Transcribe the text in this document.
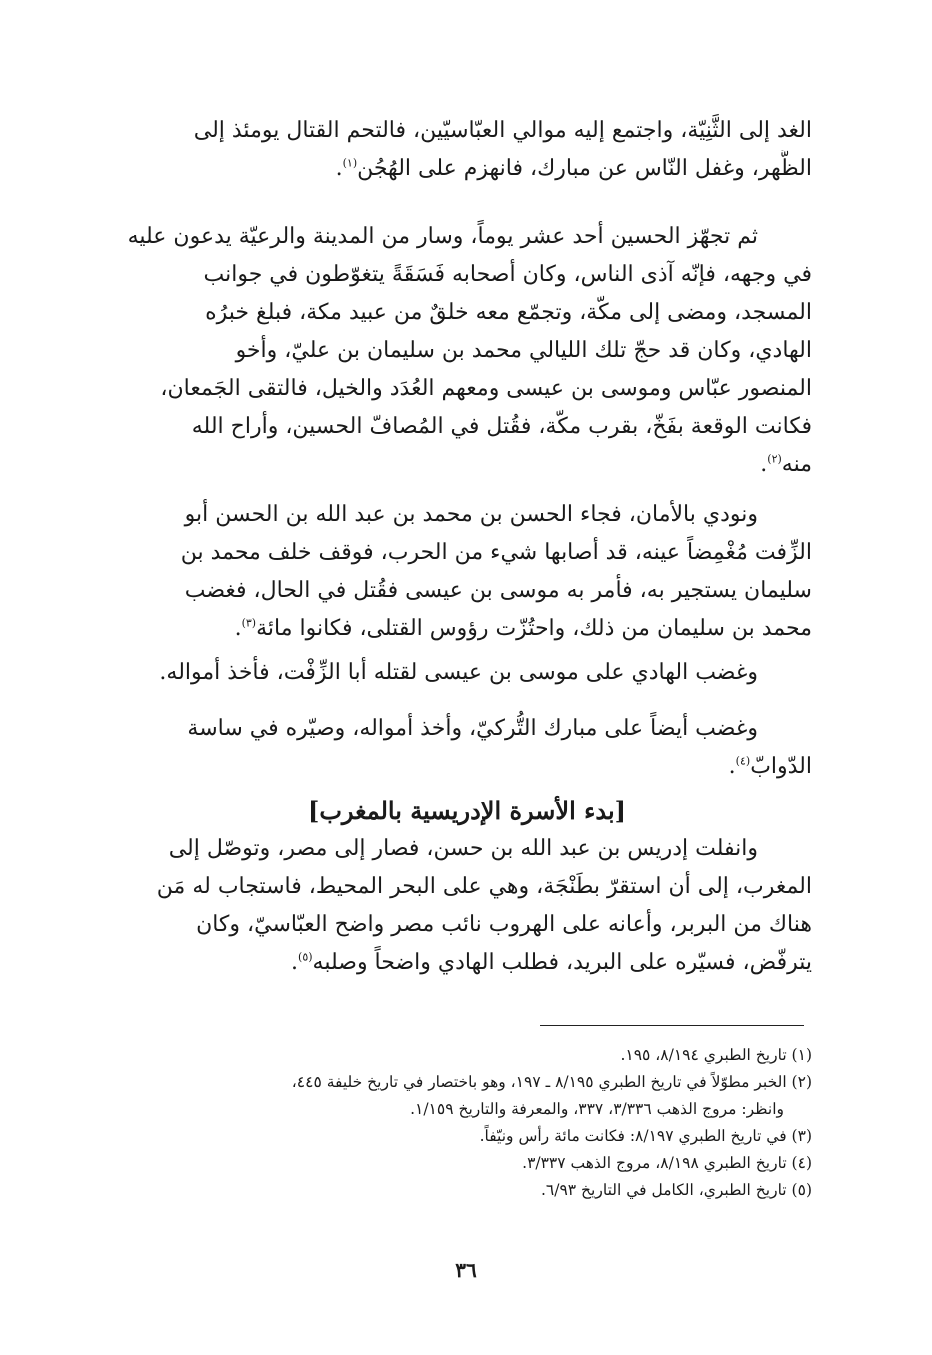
الغد إلى الثَّنِيّة، واجتمع إليه موالي العبّاسيّين، فالتحم القتال يومئذ إلى
الظُّهر، وغفل النّاس عن مبارك، فانهزم على الهُجُن$^{(١)}$.
ثم تجهّز الحسين أحد عشر يوماً، وسار من المدينة والرعيّة يدعون عليه
في وجهه، فإنّه آذى الناس، وكان أصحابه فَسَقَةً يتغوّطون في جوانب
المسجد، ومضى إلى مكّة، وتجمّع معه خلقٌ من عبيد مكة، فبلغ خبرُه
الهادي، وكان قد حجّ تلك الليالي محمد بن سليمان بن عليّ، وأخو
المنصور عبّاس وموسى بن عيسى ومعهم العُدَد والخيل، فالتقى الجَمعان،
فكانت الوقعة بفَخّ، بقرب مكّة، فقُتل في المُصافّ الحسين، وأراح الله
منه$^{(٢)}$.
ونودي بالأمان، فجاء الحسن بن محمد بن عبد الله بن الحسن أبو
الزِّفت مُغْمِضاً عينه، قد أصابها شيء من الحرب، فوقف خلف محمد بن
سليمان يستجير به، فأمر به موسى بن عيسى فقُتل في الحال، فغضب
محمد بن سليمان من ذلك، واحتُزّت رؤوس القتلى، فكانوا مائة$^{(٣)}$.
وغضب الهادي على موسى بن عيسى لقتله أبا الزِّفْت، فأخذ أمواله.
وغضب أيضاً على مبارك التُّركيّ، وأخذ أمواله، وصيّره في ساسة
الدّوابّ$^{(٤)}$.
[بدء الأسرة الإدريسية بالمغرب]
وانفلت إدريس بن عبد الله بن حسن، فصار إلى مصر، وتوصّل إلى
المغرب، إلى أن استقرّ بطَنْجَة، وهي على البحر المحيط، فاستجاب له مَن
هناك من البربر، وأعانه على الهروب نائب مصر واضح العبّاسيّ، وكان
يترفّض، فسيّره على البريد، فطلب الهادي واضحاً وصلبه$^{(٥)}$.
(١) تاريخ الطبري ٨/١٩٤، ١٩٥.
(٢) الخبر مطوّلاً في تاريخ الطبري ٨/١٩٥ ـ ١٩٧، وهو باختصار في تاريخ خليفة ٤٤٥،
وانظر: مروج الذهب ٣/٣٣٦، ٣٣٧، والمعرفة والتاريخ ١/١٥٩.
(٣) في تاريخ الطبري ٨/١٩٧: فكانت مائة رأس ونيّفاً.
(٤) تاريخ الطبري ٨/١٩٨، مروج الذهب ٣/٣٣٧.
(٥) تاريخ الطبري، الكامل في التاريخ ٦/٩٣.
٣٦
